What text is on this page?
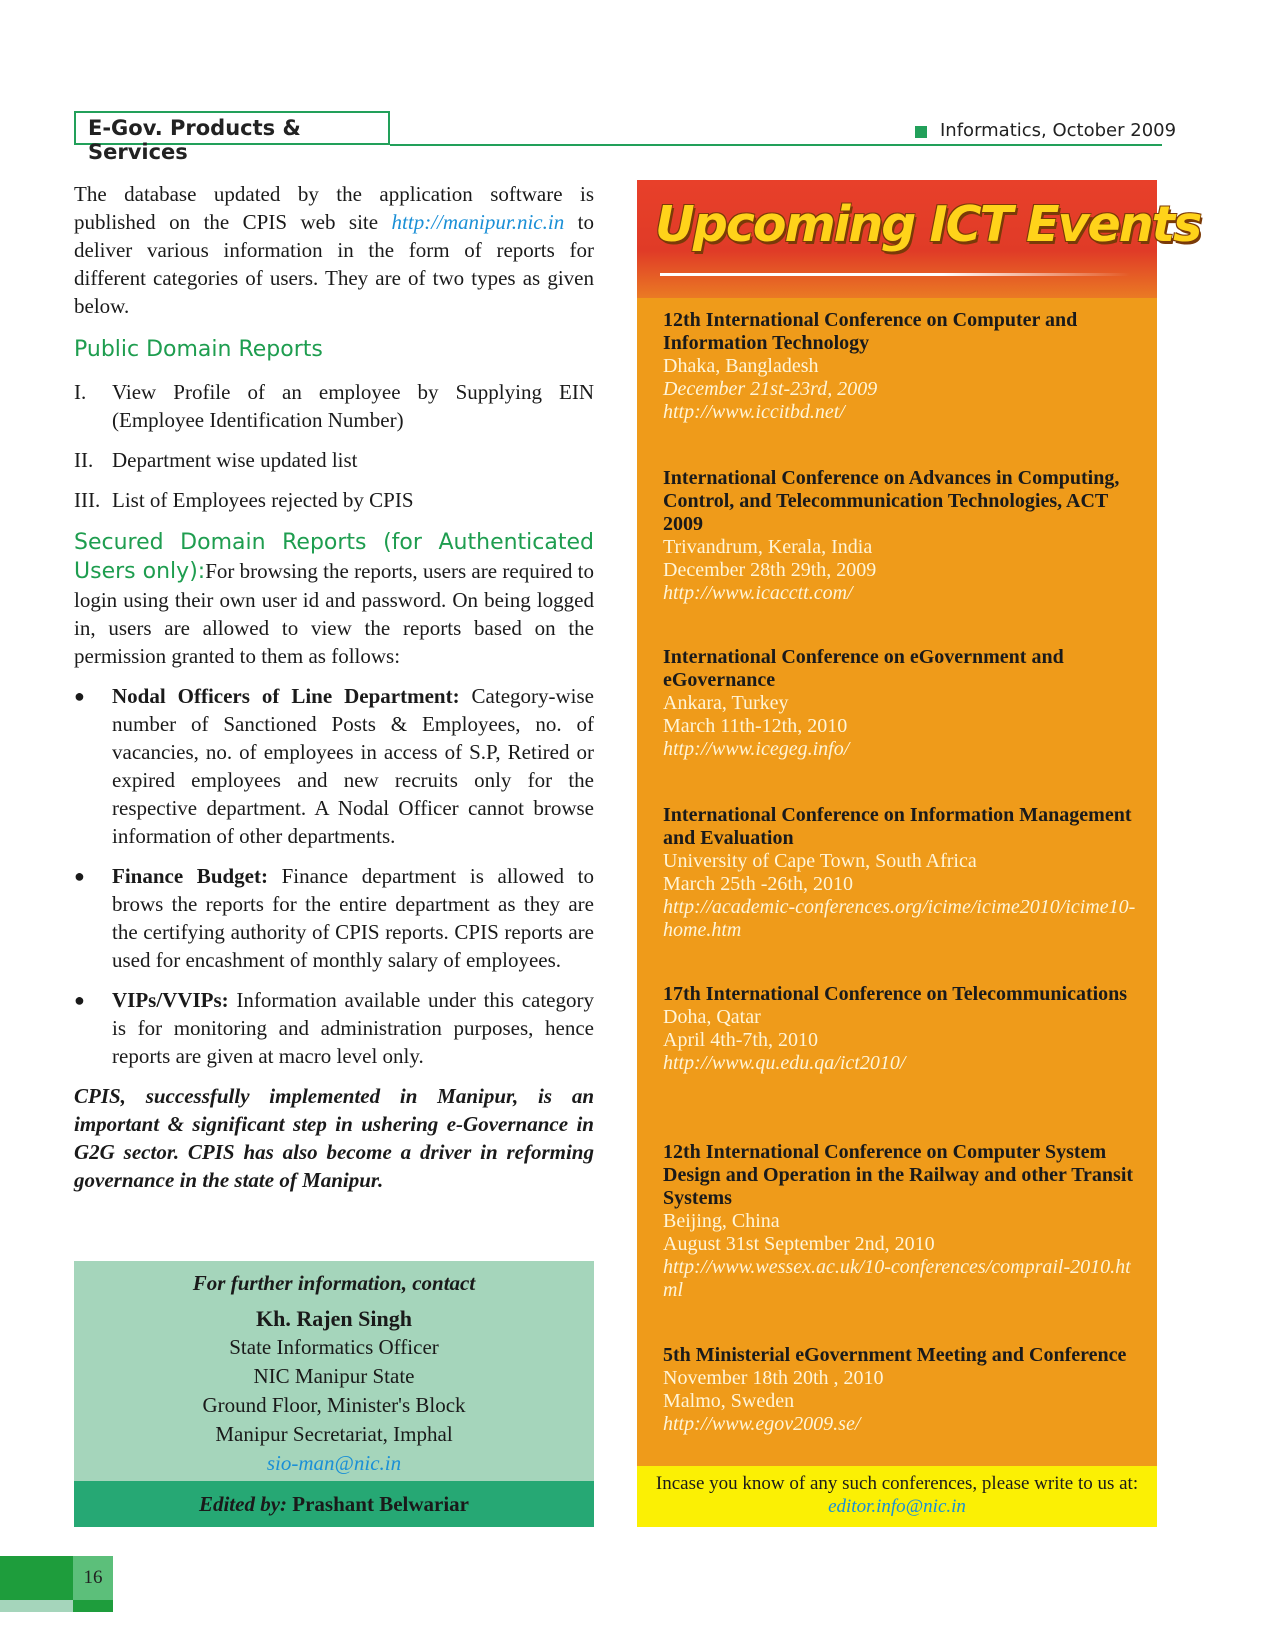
E-Gov. Products & Services
Informatics, October 2009
The database updated by the application software is published on the CPIS web site http://manipur.nic.in to deliver various information in the form of reports for different categories of users. They are of two types as given below.
Public Domain Reports
I.	View Profile of an employee by Supplying EIN (Employee Identification Number)
II. Department wise updated list
III. List of Employees rejected by CPIS
Secured Domain Reports (for Authenticated Users only):For browsing the reports, users are required to login using their own user id and password. On being logged in, users are allowed to view the reports based on the permission granted to them as follows:
●	Nodal Officers of Line Department: Category-wise number of Sanctioned Posts & Employees, no. of vacancies, no. of employees in access of S.P, Retired or expired employees and new recruits only for the respective department. A Nodal Officer cannot browse information of other departments.
●	Finance Budget: Finance department is allowed to brows the reports for the entire department as they are the certifying authority of CPIS reports. CPIS reports are used for encashment of monthly salary of employees.
●	VIPs/VVIPs: Information available under this category is for monitoring and administration purposes, hence reports are given at macro level only.
CPIS, successfully implemented in Manipur, is an important & significant step in ushering e-Governance in G2G sector. CPIS has also become a driver in reforming governance in the state of Manipur.
For further information, contact
Kh. Rajen Singh
State Informatics Officer
NIC Manipur State
Ground Floor, Minister's Block
Manipur Secretariat, Imphal
sio-man@nic.in
Edited by: Prashant Belwariar
Upcoming ICT Events
12th International Conference on Computer and Information Technology
Dhaka, Bangladesh
December 21st-23rd, 2009
http://www.iccitbd.net/
International Conference on Advances in Computing, Control, and Telecommunication Technologies, ACT 2009
Trivandrum, Kerala, India
December 28th 29th, 2009
http://www.icacctt.com/
International Conference on eGovernment and eGovernance
Ankara, Turkey
March 11th-12th, 2010
http://www.icegeg.info/
International Conference on Information Management and Evaluation
University of Cape Town, South Africa
March 25th -26th, 2010
http://academic-conferences.org/icime/icime2010/icime10-home.htm
17th International Conference on Telecommunications
Doha, Qatar
April 4th-7th, 2010
http://www.qu.edu.qa/ict2010/
12th International Conference on Computer System Design and Operation in the Railway and other Transit Systems
Beijing, China
August 31st September 2nd, 2010
http://www.wessex.ac.uk/10-conferences/comprail-2010.html
5th Ministerial eGovernment Meeting and Conference
November 18th 20th , 2010
Malmo, Sweden
http://www.egov2009.se/
Incase you know of any such conferences, please write to us at:
editor.info@nic.in
16
